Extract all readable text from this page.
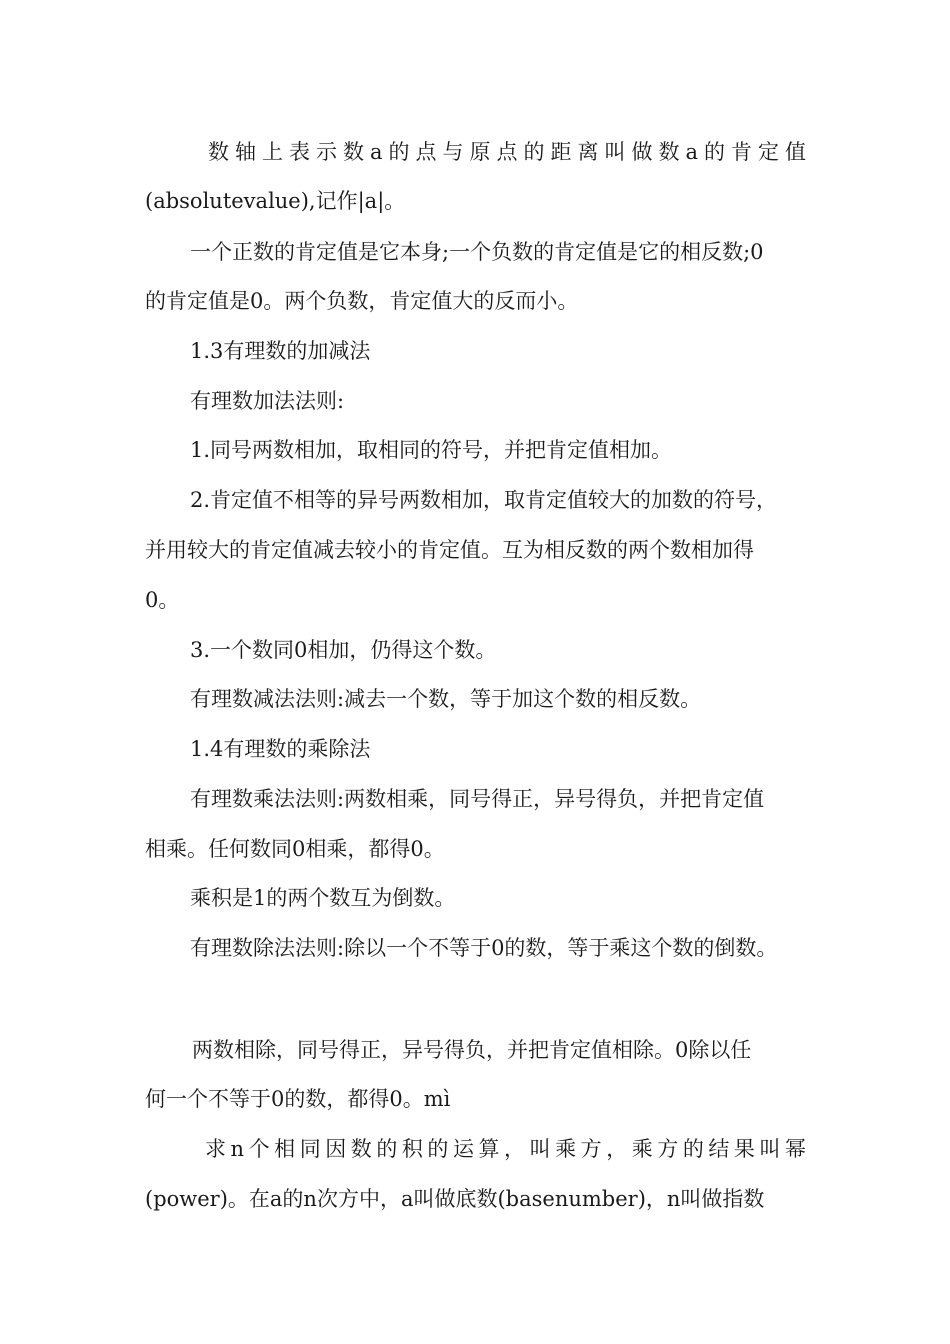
数轴上表示数a的点与原点的距离叫做数a的肯定值
(absolutevalue),记作|a|。
一个正数的肯定值是它本身;一个负数的肯定值是它的相反数;0
的肯定值是0。两个负数，肯定值大的反而小。
1.3有理数的加减法
有理数加法法则:
1.同号两数相加，取相同的符号，并把肯定值相加。
2.肯定值不相等的异号两数相加，取肯定值较大的加数的符号，
并用较大的肯定值减去较小的肯定值。互为相反数的两个数相加得
0。
3.一个数同0相加，仍得这个数。
有理数减法法则:减去一个数，等于加这个数的相反数。
1.4有理数的乘除法
有理数乘法法则:两数相乘，同号得正，异号得负，并把肯定值
相乘。任何数同0相乘，都得0。
乘积是1的两个数互为倒数。
有理数除法法则:除以一个不等于0的数，等于乘这个数的倒数。
两数相除，同号得正，异号得负，并把肯定值相除。0除以任
何一个不等于0的数，都得0。mì
求n个相同因数的积的运算，叫乘方，乘方的结果叫幂
(power)。在a的n次方中，a叫做底数(basenumber)，n叫做指数
